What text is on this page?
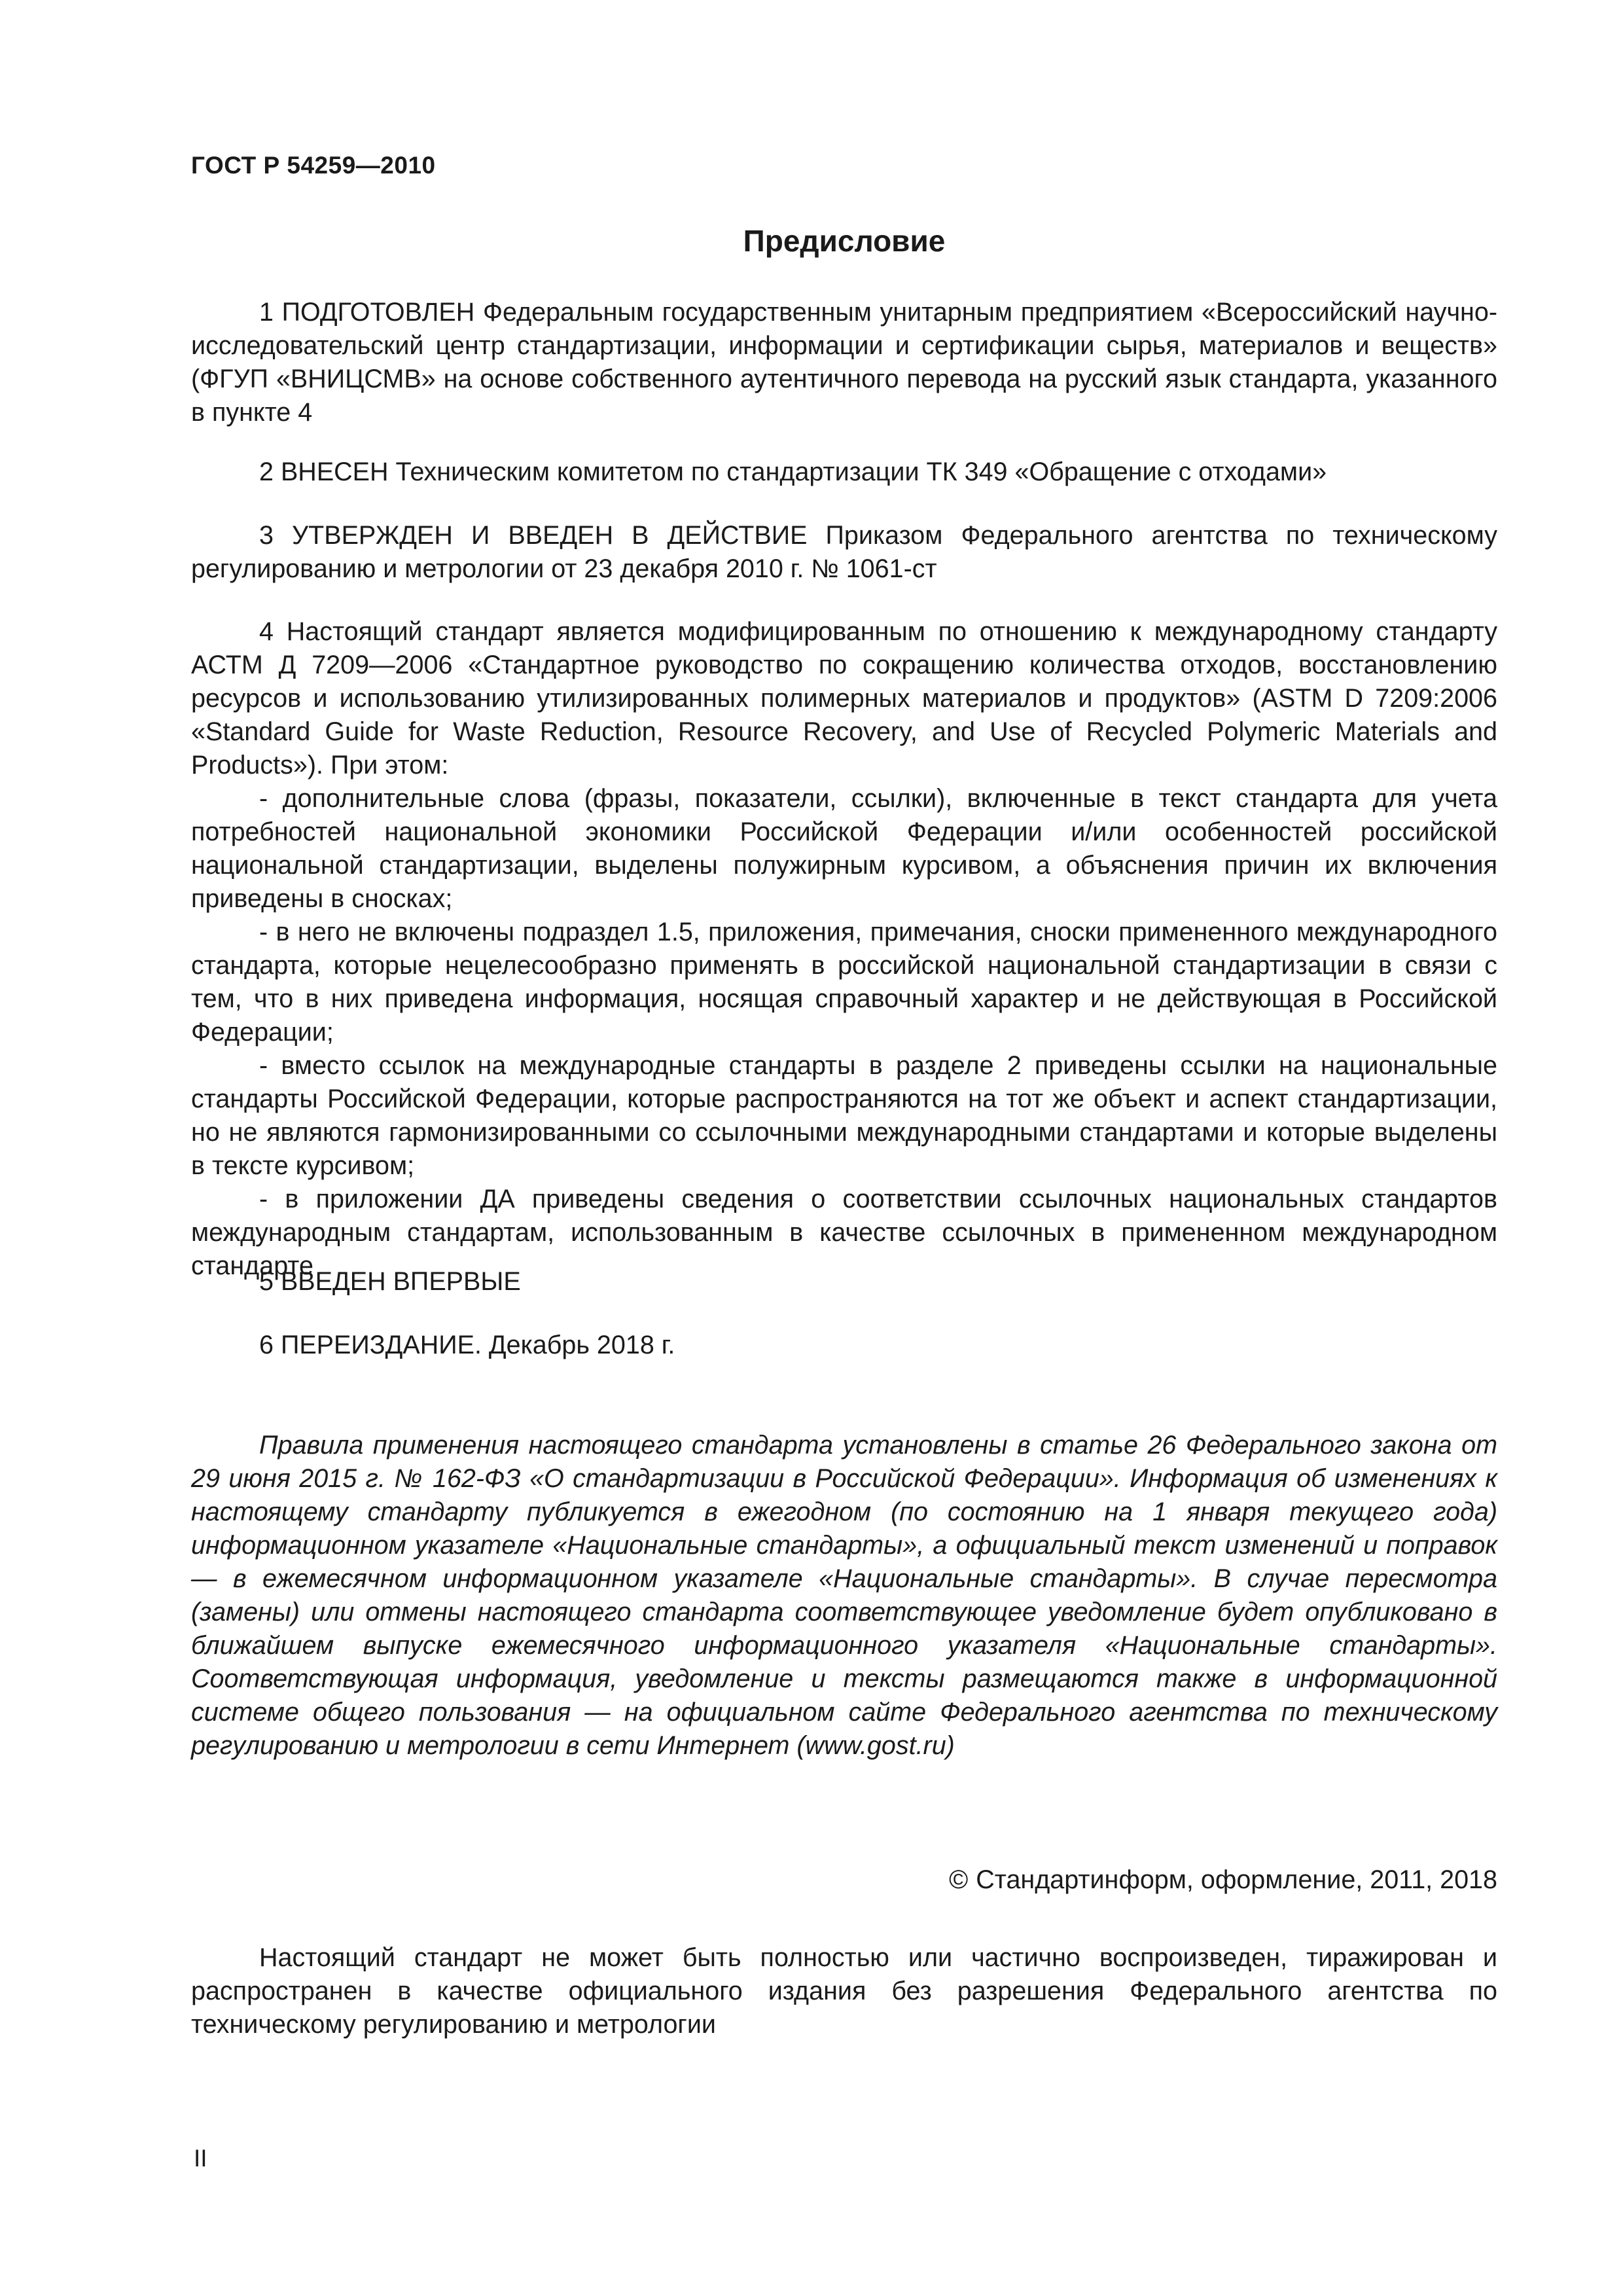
ГОСТ Р 54259—2010
Предисловие

1 ПОДГОТОВЛЕН Федеральным государственным унитарным предприятием «Всероссийский научно-исследовательский центр стандартизации, информации и сертификации сырья, материалов и веществ» (ФГУП «ВНИЦСМВ» на основе собственного аутентичного перевода на русский язык стандарта, указанного в пункте 4

2 ВНЕСЕН Техническим комитетом по стандартизации ТК 349 «Обращение с отходами»

3 УТВЕРЖДЕН И ВВЕДЕН В ДЕЙСТВИЕ Приказом Федерального агентства по техническому регулированию и метрологии от 23 декабря 2010 г. № 1061-ст

4 Настоящий стандарт является модифицированным по отношению к международному стандарту АСТМ Д 7209—2006 «Стандартное руководство по сокращению количества отходов, восстановлению ресурсов и использованию утилизированных полимерных материалов и продуктов» (ASTM D 7209:2006 «Standard Guide for Waste Reduction, Resource Recovery, and Use of Recycled Polymeric Materials and Products»). При этом:

- дополнительные слова (фразы, показатели, ссылки), включенные в текст стандарта для учета потребностей национальной экономики Российской Федерации и/или особенностей российской национальной стандартизации, выделены полужирным курсивом, а объяснения причин их включения приведены в сносках;

- в него не включены подраздел 1.5, приложения, примечания, сноски примененного международного стандарта, которые нецелесообразно применять в российской национальной стандартизации в связи с тем, что в них приведена информация, носящая справочный характер и не действующая в Российской Федерации;

- вместо ссылок на международные стандарты в разделе 2 приведены ссылки на национальные стандарты Российской Федерации, которые распространяются на тот же объект и аспект стандартизации, но не являются гармонизированными со ссылочными международными стандартами и которые выделены в тексте курсивом;

- в приложении ДА приведены сведения о соответствии ссылочных национальных стандартов международным стандартам, использованным в качестве ссылочных в примененном международном стандарте

5 ВВЕДЕН ВПЕРВЫЕ

6 ПЕРЕИЗДАНИЕ. Декабрь 2018 г.

Правила применения настоящего стандарта установлены в статье 26 Федерального закона от 29 июня 2015 г. № 162-ФЗ «О стандартизации в Российской Федерации». Информация об изменениях к настоящему стандарту публикуется в ежегодном (по состоянию на 1 января текущего года) информационном указателе «Национальные стандарты», а официальный текст изменений и поправок — в ежемесячном информационном указателе «Национальные стандарты». В случае пересмотра (замены) или отмены настоящего стандарта соответствующее уведомление будет опубликовано в ближайшем выпуске ежемесячного информационного указателя «Национальные стандарты». Соответствующая информация, уведомление и тексты размещаются также в информационной системе общего пользования — на официальном сайте Федерального агентства по техническому регулированию и метрологии в сети Интернет (www.gost.ru)

© Стандартинформ, оформление, 2011, 2018

Настоящий стандарт не может быть полностью или частично воспроизведен, тиражирован и распространен в качестве официального издания без разрешения Федерального агентства по техническому регулированию и метрологии

II
